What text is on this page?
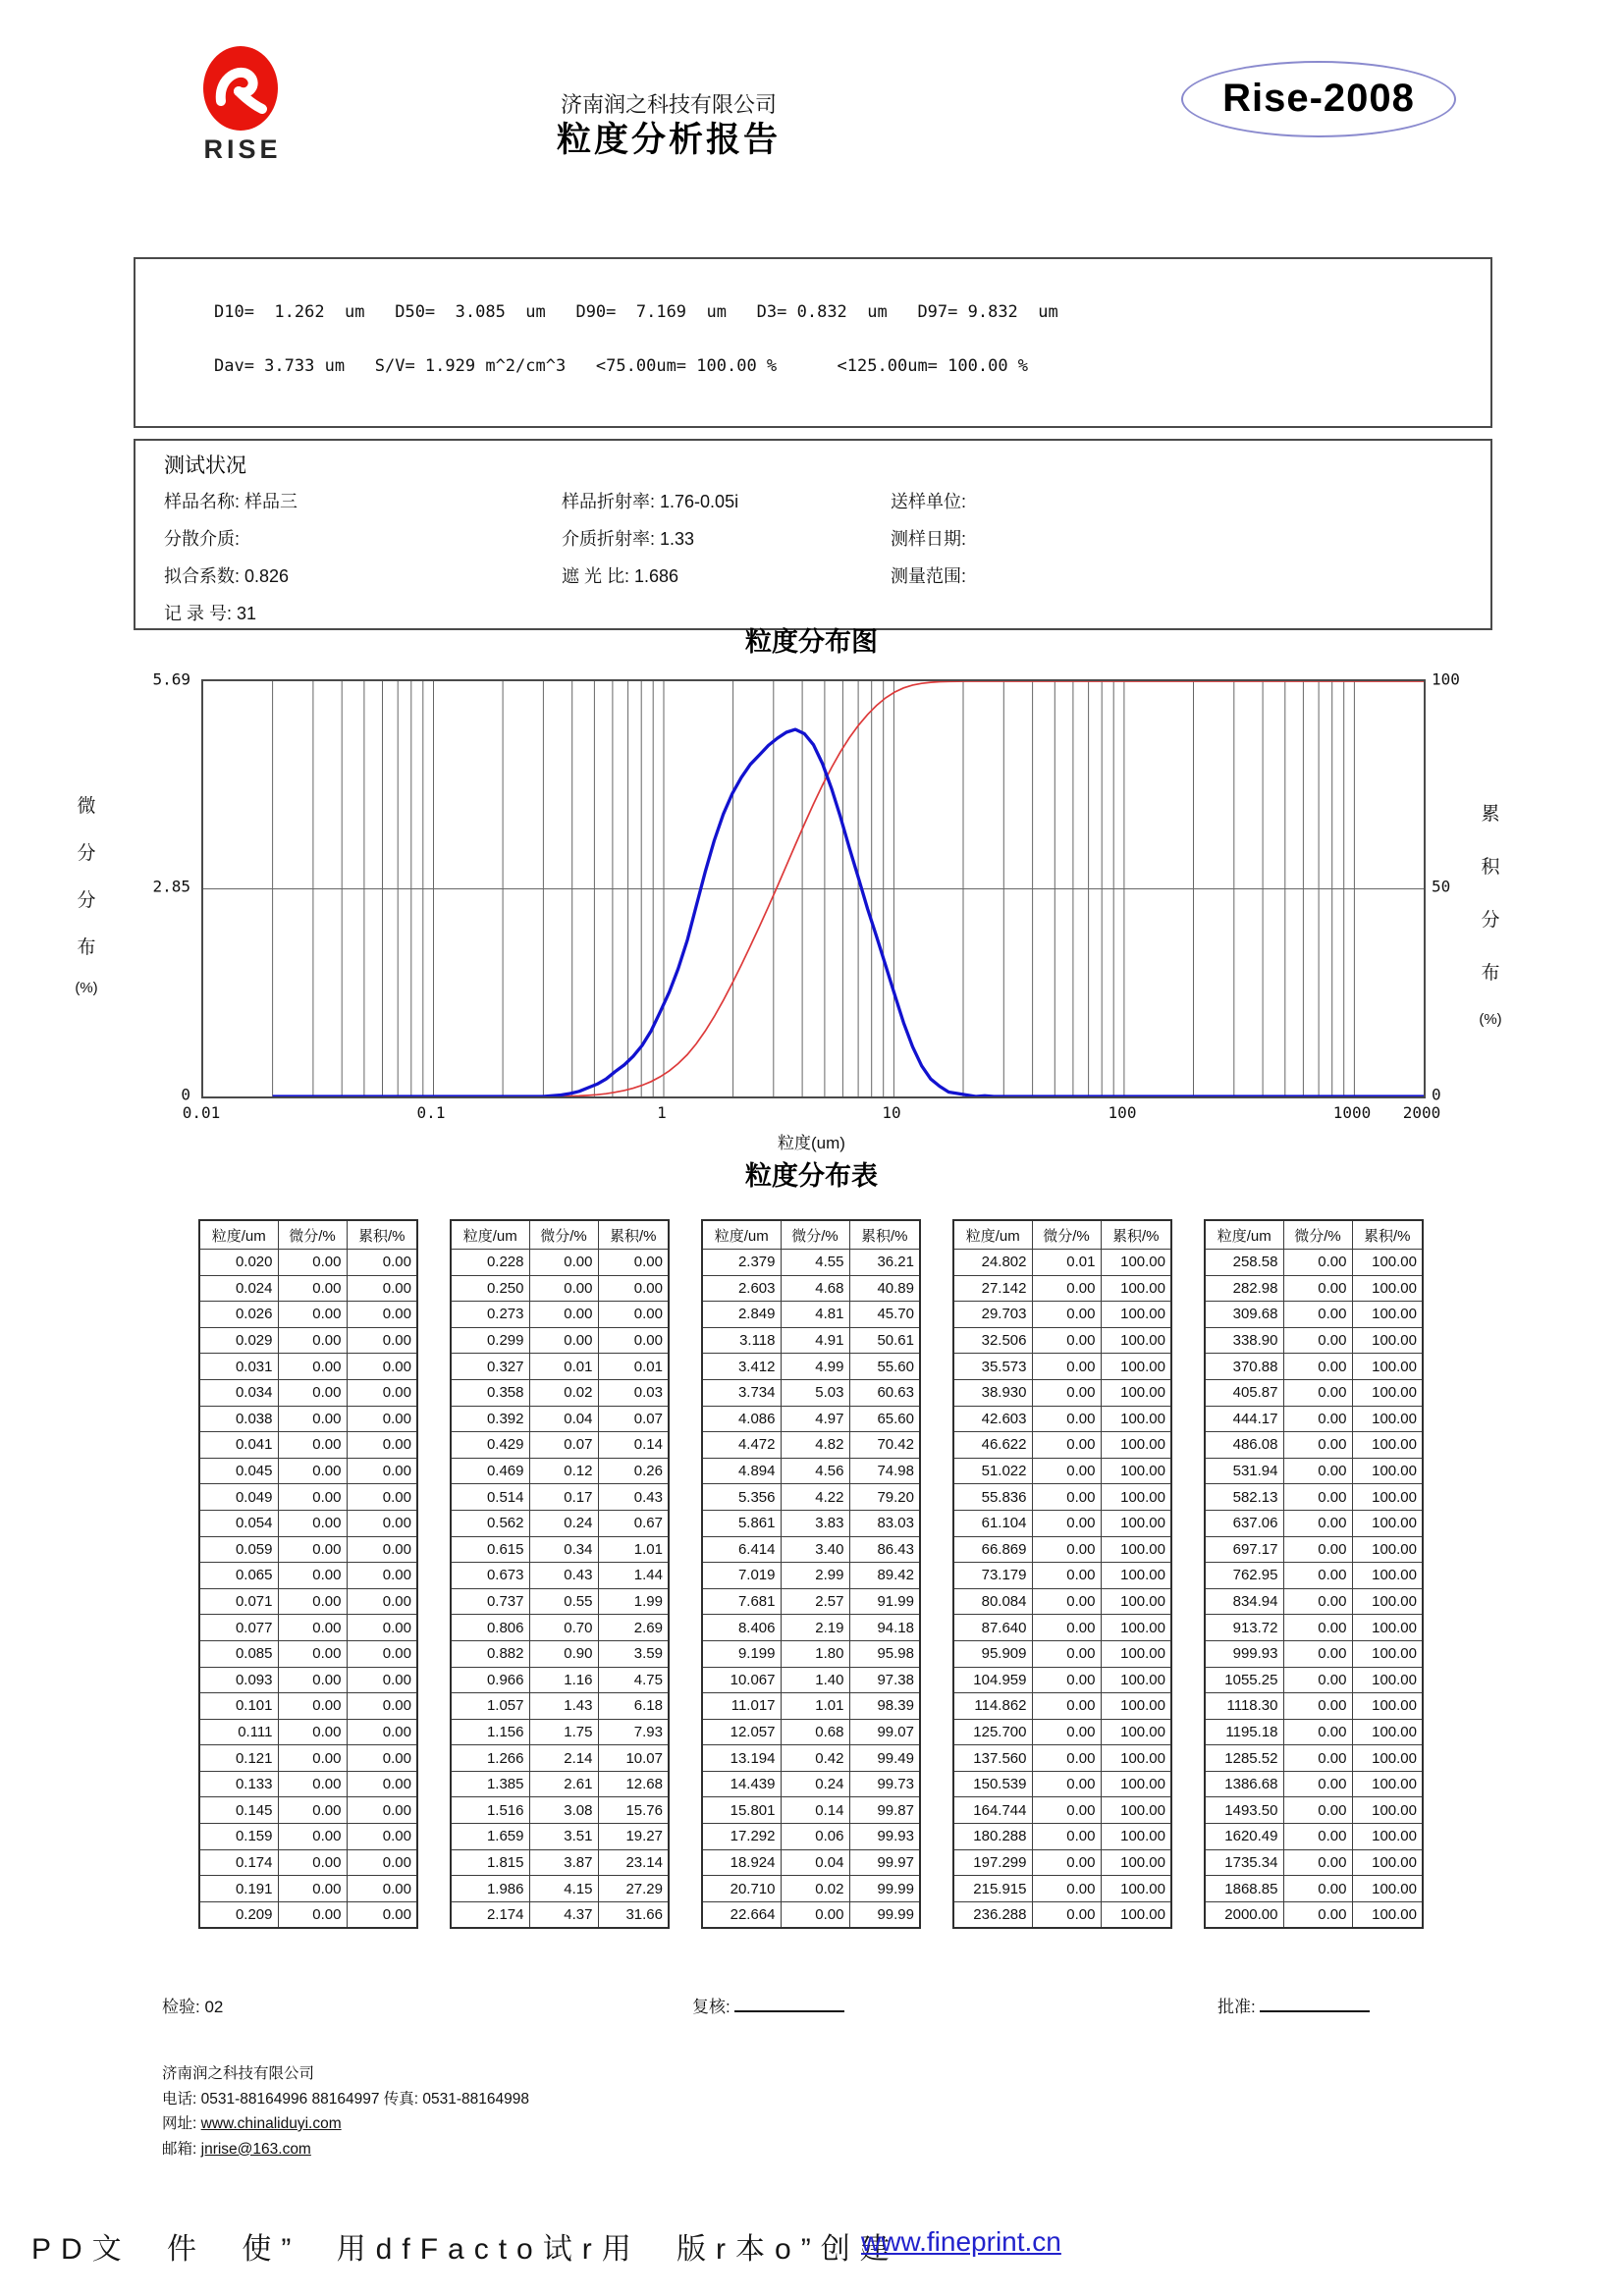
RISE
济南润之科技有限公司
粒度分析报告
Rise-2008
D10=  1.262  um   D50=  3.085  um   D90=  7.169  um   D3= 0.832  um   D97= 9.832  um
Dav= 3.733 um   S/V= 1.929 m^2/cm^3   <75.00um= 100.00 %      <125.00um= 100.00 %
测试状况
样品名称: 样品三
分散介质:
拟合系数: 0.826
记 录 号: 31
样品折射率: 1.76-0.05i
介质折射率: 1.33
遮 光 比: 1.686
送样单位:
测样日期:
测量范围:
粒度分布图
0.01	0.1	1	10	100	1000 2000
粒度(um)
粒度分布表
粒度/um	微分/%	累积/%
0.020	0.00	0.00
0.024	0.00	0.00
0.026	0.00	0.00
0.029	0.00	0.00
0.031	0.00	0.00
0.034	0.00	0.00
0.038	0.00	0.00
0.041	0.00	0.00
0.045	0.00	0.00
0.049	0.00	0.00
0.054	0.00	0.00
0.059	0.00	0.00
0.065	0.00	0.00
0.071	0.00	0.00
0.077	0.00	0.00
0.085	0.00	0.00
0.093	0.00	0.00
0.101	0.00	0.00
0.111	0.00	0.00
0.121	0.00	0.00
0.133	0.00	0.00
0.145	0.00	0.00
0.159	0.00	0.00
0.174	0.00	0.00
0.191	0.00	0.00
0.209	0.00	0.00
粒度/um	微分/%	累积/%
0.228	0.00	0.00
0.250	0.00	0.00
0.273	0.00	0.00
0.299	0.00	0.00
0.327	0.01	0.01
0.358	0.02	0.03
0.392	0.04	0.07
0.429	0.07	0.14
0.469	0.12	0.26
0.514	0.17	0.43
0.562	0.24	0.67
0.615	0.34	1.01
0.673	0.43	1.44
0.737	0.55	1.99
0.806	0.70	2.69
0.882	0.90	3.59
0.966	1.16	4.75
1.057	1.43	6.18
1.156	1.75	7.93
1.266	2.14	10.07
1.385	2.61	12.68
1.516	3.08	15.76
1.659	3.51	19.27
1.815	3.87	23.14
1.986	4.15	27.29
2.174	4.37	31.66
粒度/um	微分/%	累积/%
2.379	4.55	36.21
2.603	4.68	40.89
2.849	4.81	45.70
3.118	4.91	50.61
3.412	4.99	55.60
3.734	5.03	60.63
4.086	4.97	65.60
4.472	4.82	70.42
4.894	4.56	74.98
5.356	4.22	79.20
5.861	3.83	83.03
6.414	3.40	86.43
7.019	2.99	89.42
7.681	2.57	91.99
8.406	2.19	94.18
9.199	1.80	95.98
10.067	1.40	97.38
11.017	1.01	98.39
12.057	0.68	99.07
13.194	0.42	99.49
14.439	0.24	99.73
15.801	0.14	99.87
17.292	0.06	99.93
18.924	0.04	99.97
20.710	0.02	99.99
22.664	0.00	99.99
粒度/um	微分/%	累积/%
24.802	0.01	100.00
27.142	0.00	100.00
29.703	0.00	100.00
32.506	0.00	100.00
35.573	0.00	100.00
38.930	0.00	100.00
42.603	0.00	100.00
46.622	0.00	100.00
51.022	0.00	100.00
55.836	0.00	100.00
61.104	0.00	100.00
66.869	0.00	100.00
73.179	0.00	100.00
80.084	0.00	100.00
87.640	0.00	100.00
95.909	0.00	100.00
104.959	0.00	100.00
114.862	0.00	100.00
125.700	0.00	100.00
137.560	0.00	100.00
150.539	0.00	100.00
164.744	0.00	100.00
180.288	0.00	100.00
197.299	0.00	100.00
215.915	0.00	100.00
236.288	0.00	100.00
粒度/um	微分/%	累积/%
258.58	0.00	100.00
282.98	0.00	100.00
309.68	0.00	100.00
338.90	0.00	100.00
370.88	0.00	100.00
405.87	0.00	100.00
444.17	0.00	100.00
486.08	0.00	100.00
531.94	0.00	100.00
582.13	0.00	100.00
637.06	0.00	100.00
697.17	0.00	100.00
762.95	0.00	100.00
834.94	0.00	100.00
913.72	0.00	100.00
999.93	0.00	100.00
1055.25	0.00	100.00
1118.30	0.00	100.00
1195.18	0.00	100.00
1285.52	0.00	100.00
1386.68	0.00	100.00
1493.50	0.00	100.00
1620.49	0.00	100.00
1735.34	0.00	100.00
1868.85	0.00	100.00
2000.00	0.00	100.00
检验: 02	复核:	批准:
济南润之科技有限公司
电话: 0531-88164996 88164997 传真: 0531-88164998
网址: www.chinaliduyi.com
邮箱: jnrise@163.com
PD文 件 使” 用dfFacto试r用 版r本o”创建
www.fineprint.cn
5.69
2.85
0
100
50
0
微
分
分
布
(%)
累
积
分
布
(%)
